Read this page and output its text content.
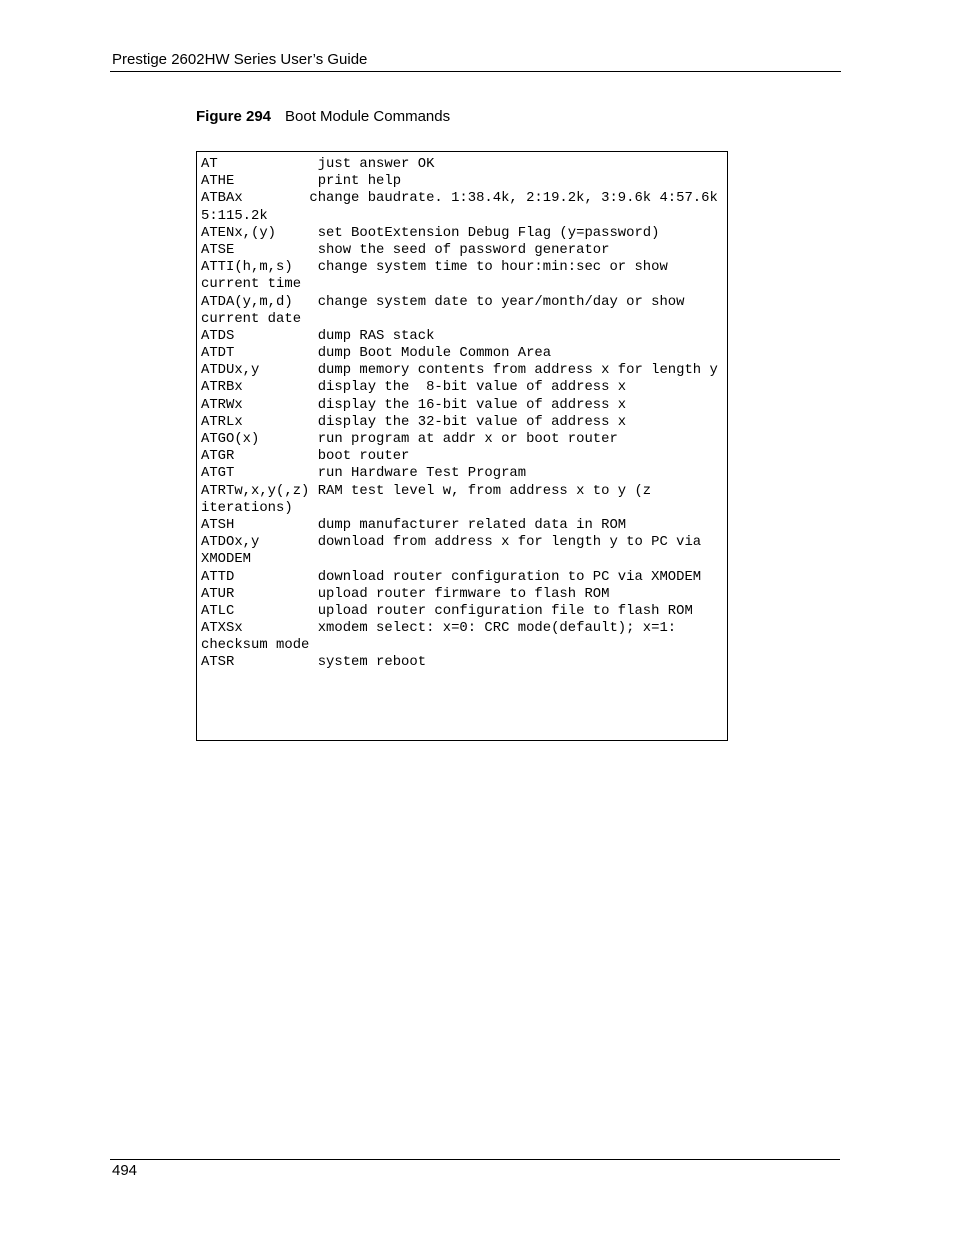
Prestige 2602HW Series User’s Guide
Figure 294 Boot Module Commands
AT            just answer OK
ATHE          print help
ATBAx        change baudrate. 1:38.4k, 2:19.2k, 3:9.6k 4:57.6k
5:115.2k
ATENx,(y)     set BootExtension Debug Flag (y=password)
ATSE          show the seed of password generator
ATTI(h,m,s)   change system time to hour:min:sec or show
current time
ATDA(y,m,d)   change system date to year/month/day or show
current date
ATDS          dump RAS stack
ATDT          dump Boot Module Common Area
ATDUx,y       dump memory contents from address x for length y
ATRBx         display the  8-bit value of address x
ATRWx         display the 16-bit value of address x
ATRLx         display the 32-bit value of address x
ATGO(x)       run program at addr x or boot router
ATGR          boot router
ATGT          run Hardware Test Program
ATRTw,x,y(,z) RAM test level w, from address x to y (z
iterations)
ATSH          dump manufacturer related data in ROM
ATDOx,y       download from address x for length y to PC via
XMODEM
ATTD          download router configuration to PC via XMODEM
ATUR          upload router firmware to flash ROM
ATLC          upload router configuration file to flash ROM
ATXSx         xmodem select: x=0: CRC mode(default); x=1:
checksum mode
ATSR          system reboot
494
